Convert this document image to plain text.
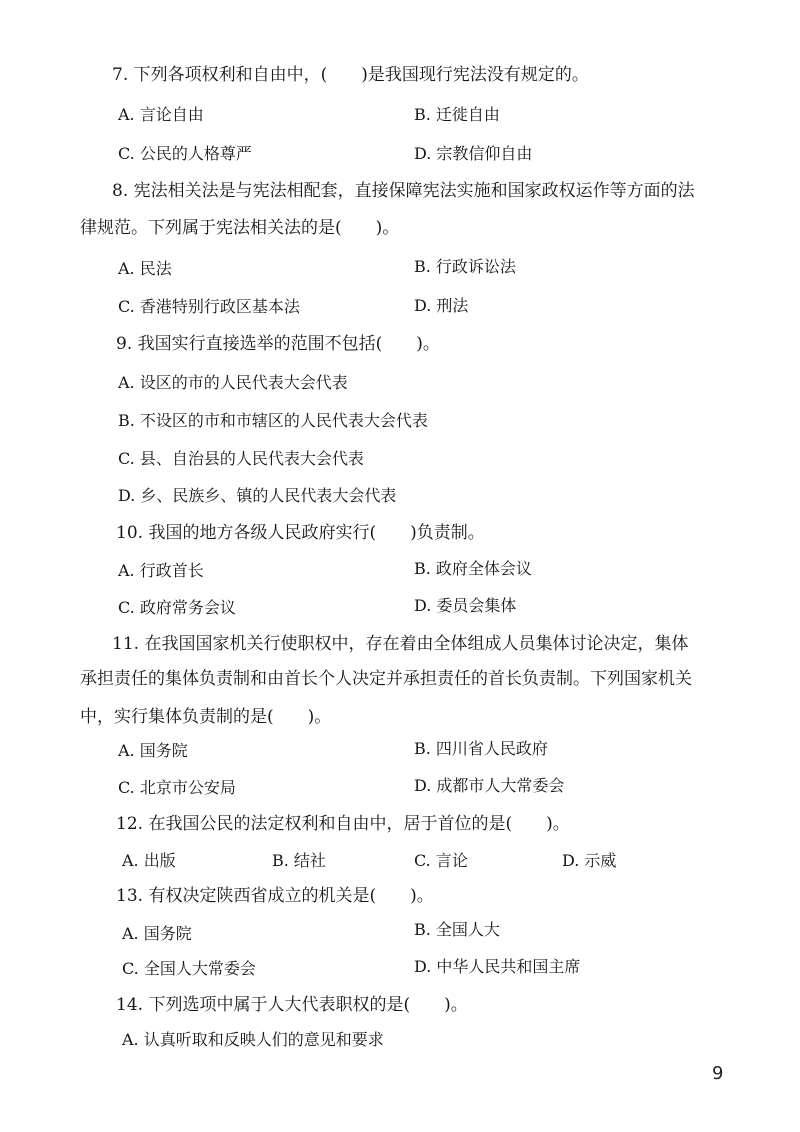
7. 下列各项权利和自由中，(　　)是我国现行宪法没有规定的。
A. 言论自由	B. 迁徙自由
C. 公民的人格尊严	D. 宗教信仰自由
8. 宪法相关法是与宪法相配套，直接保障宪法实施和国家政权运作等方面的法
律规范。下列属于宪法相关法的是(　　)。
A. 民法	B. 行政诉讼法
C. 香港特别行政区基本法	D. 刑法
9. 我国实行直接选举的范围不包括(　　)。
A. 设区的市的人民代表大会代表
B. 不设区的市和市辖区的人民代表大会代表
C. 县、自治县的人民代表大会代表
D. 乡、民族乡、镇的人民代表大会代表
10. 我国的地方各级人民政府实行(　　)负责制。
A. 行政首长	B. 政府全体会议
C. 政府常务会议	D. 委员会集体
11. 在我国国家机关行使职权中，存在着由全体组成人员集体讨论决定，集体
承担责任的集体负责制和由首长个人决定并承担责任的首长负责制。下列国家机关
中，实行集体负责制的是(　　)。
A. 国务院	B. 四川省人民政府
C. 北京市公安局	D. 成都市人大常委会
12. 在我国公民的法定权利和自由中，居于首位的是(　　)。
A. 出版	B. 结社	C. 言论	D. 示威
13. 有权决定陕西省成立的机关是(　　)。
A. 国务院	B. 全国人大
C. 全国人大常委会	D. 中华人民共和国主席
14. 下列选项中属于人大代表职权的是(　　)。
A. 认真听取和反映人们的意见和要求
9
